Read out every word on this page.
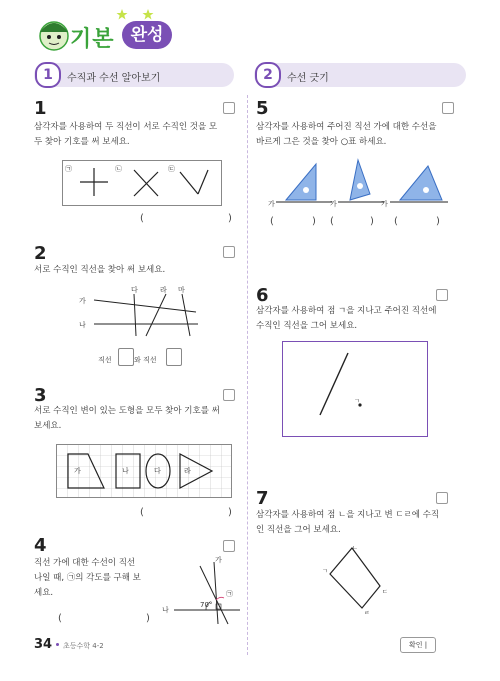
기본 완성
1	수직과 수선 알아보기	2	수선 긋기
1
삼각자를 사용하여 두 직선이 서로 수직인 것을 모
두 찾아 기호를 써 보세요.
㉠	㉡	㉢
(	)
2
서로 수직인 직선을 찾아 써 보세요.
가
나
다	라 마
직선	와 직선
3
서로 수직인 변이 있는 도형을 모두 찾아 기호를 써
보세요.
가	나	다	라
(	)
4
직선 가에 대한 수선이 직선
나일 때, ㉠의 각도를 구해 보
세요.
가
나
70°
㉠
(	)
5
삼각자를 사용하여 주어진 직선 가에 대한 수선을
바르게 그은 것을 찾아 ○표 하세요.
가	가	가
(	) (	) (	)
6
삼각자를 사용하여 점 ㄱ을 지나고 주어진 직선에
수직인 직선을 그어 보세요.
ㄱ
7
삼각자를 사용하여 점 ㄴ을 지나고 변 ㄷㄹ에 수직
인 직선을 그어 보세요.
ㄱ
ㄴ
ㄷ
ㄹ
34 초등수학 4-2	확인 |
